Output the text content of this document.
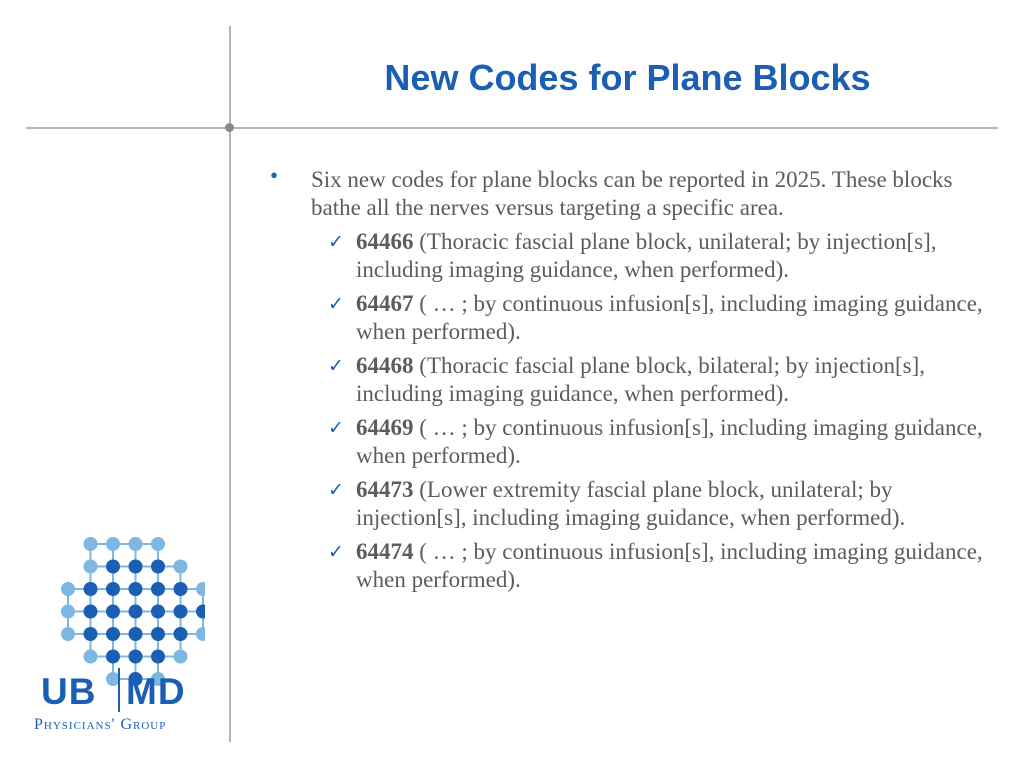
New Codes for Plane Blocks
•	Six new codes for plane blocks can be reported in 2025. These blocks bathe all the nerves versus targeting a specific area.
✓ 64466 (Thoracic fascial plane block, unilateral; by injection[s], including imaging guidance, when performed).
✓ 64467 ( … ; by continuous infusion[s], including imaging guidance, when performed).
✓ 64468 (Thoracic fascial plane block, bilateral; by injection[s], including imaging guidance, when performed).
✓ 64469 ( … ; by continuous infusion[s], including imaging guidance, when performed).
✓ 64473 (Lower extremity fascial plane block, unilateral; by injection[s], including imaging guidance, when performed).
✓ 64474 ( … ; by continuous infusion[s], including imaging guidance, when performed).
UB MD
Physicians' Group
